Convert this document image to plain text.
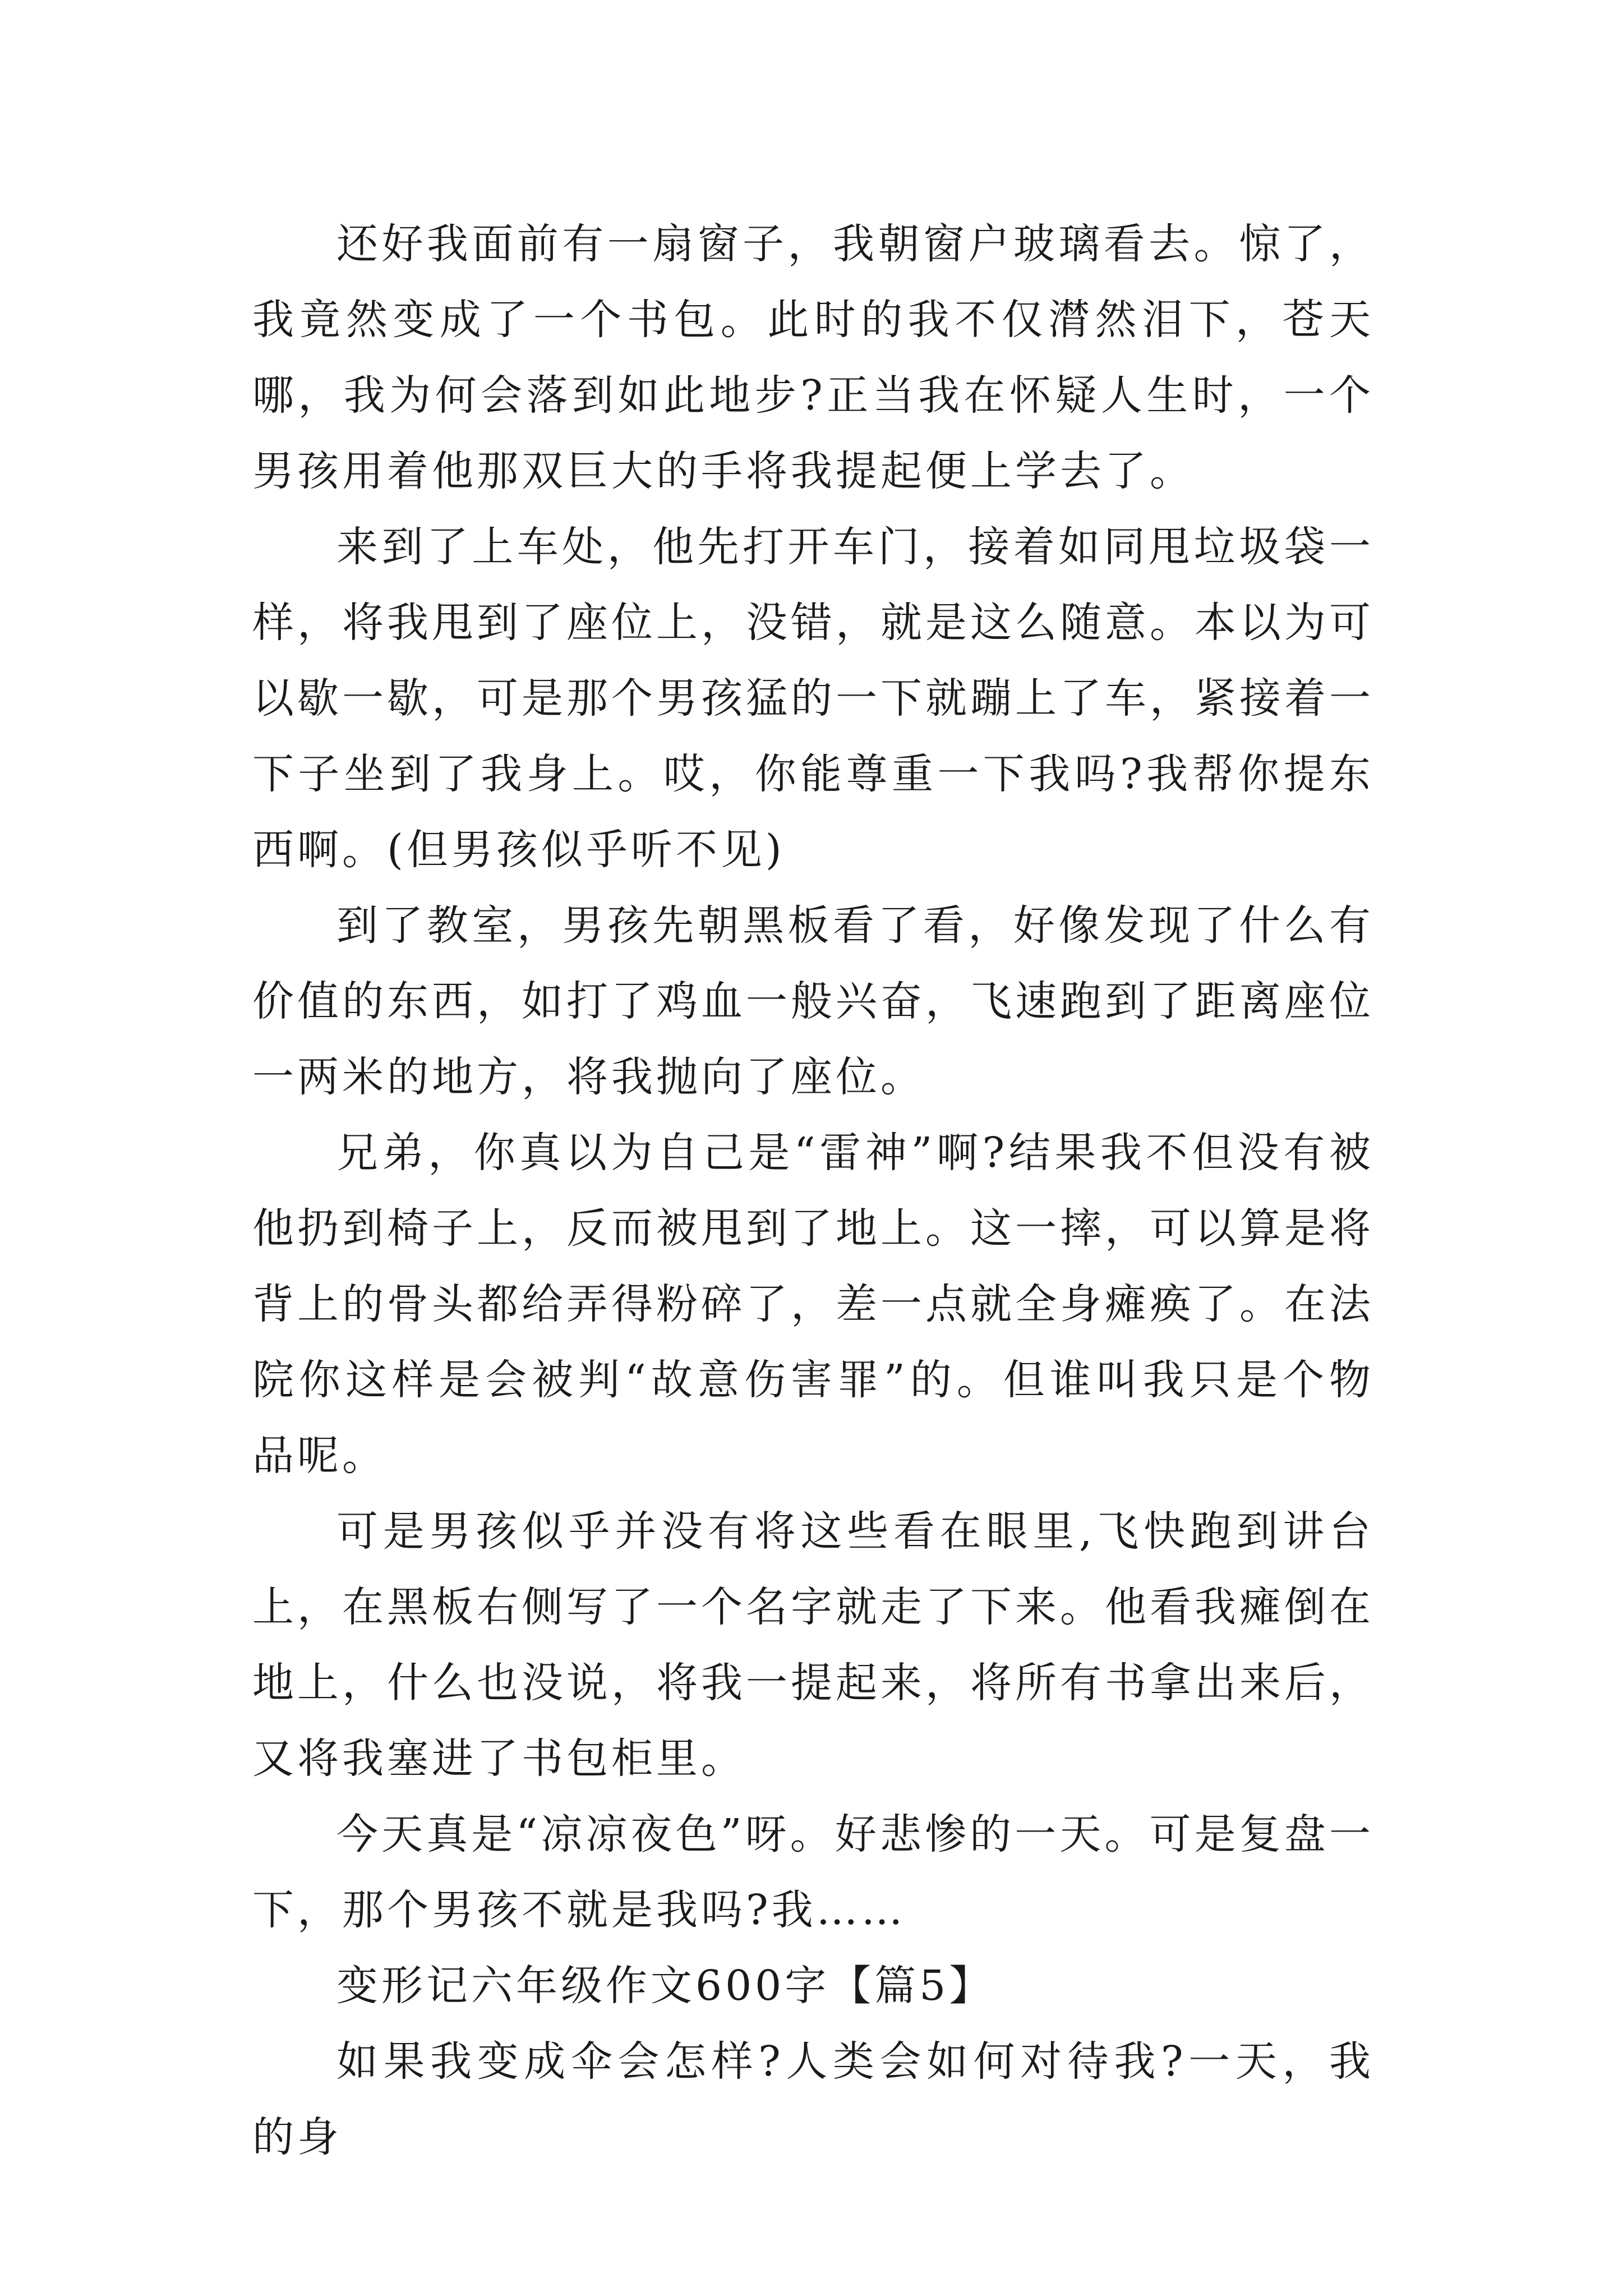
还好我面前有一扇窗子，我朝窗户玻璃看去。惊了，我竟然变成了一个书包。此时的我不仅潸然泪下，苍天哪，我为何会落到如此地步?正当我在怀疑人生时，一个男孩用着他那双巨大的手将我提起便上学去了。

来到了上车处，他先打开车门，接着如同甩垃圾袋一样，将我甩到了座位上，没错，就是这么随意。本以为可以歇一歇，可是那个男孩猛的一下就蹦上了车，紧接着一下子坐到了我身上。哎，你能尊重一下我吗?我帮你提东西啊。(但男孩似乎听不见)

到了教室，男孩先朝黑板看了看，好像发现了什么有价值的东西，如打了鸡血一般兴奋，飞速跑到了距离座位一两米的地方，将我抛向了座位。

兄弟，你真以为自己是“雷神”啊?结果我不但没有被他扔到椅子上，反而被甩到了地上。这一摔，可以算是将背上的骨头都给弄得粉碎了，差一点就全身瘫痪了。在法院你这样是会被判“故意伤害罪”的。但谁叫我只是个物品呢。

可是男孩似乎并没有将这些看在眼里,飞快跑到讲台上，在黑板右侧写了一个名字就走了下来。他看我瘫倒在地上，什么也没说，将我一提起来，将所有书拿出来后，又将我塞进了书包柜里。

今天真是“凉凉夜色”呀。好悲惨的一天。可是复盘一下，那个男孩不就是我吗?我……

变形记六年级作文600字【篇5】

如果我变成伞会怎样?人类会如何对待我?一天，我的身
